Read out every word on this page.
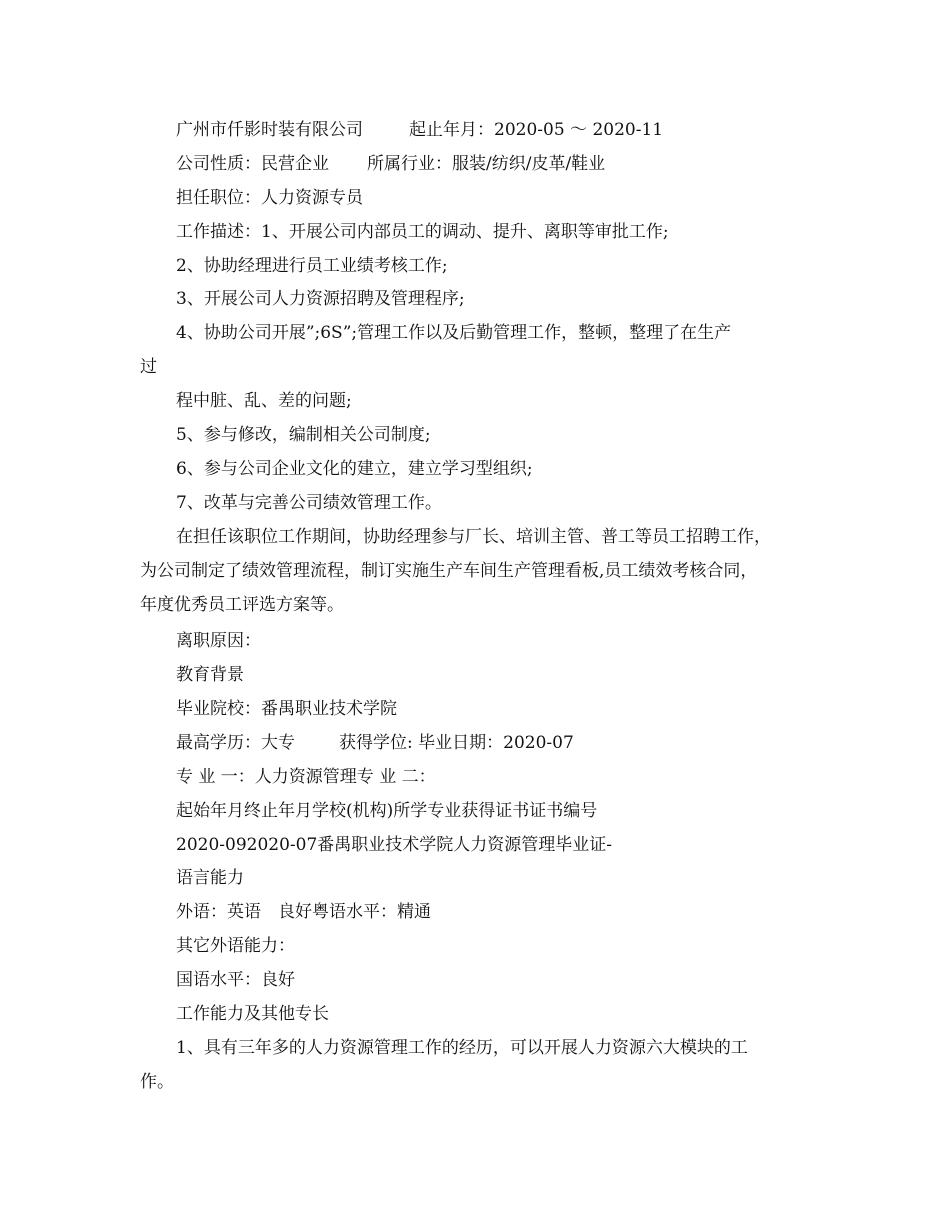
广州市仟影时装有限公司	起止年月：2020-05 ～ 2020-11
公司性质：民营企业 所属行业：服装/纺织/皮革/鞋业
担任职位：人力资源专员
工作描述：1、开展公司内部员工的调动、提升、离职等审批工作;
2、协助经理进行员工业绩考核工作;
3、开展公司人力资源招聘及管理程序;
4、协助公司开展”;6S”;管理工作以及后勤管理工作，整顿，整理了在生产
过
程中脏、乱、差的问题;
5、参与修改，编制相关公司制度;
6、参与公司企业文化的建立，建立学习型组织;
7、改革与完善公司绩效管理工作。
在担任该职位工作期间，协助经理参与厂长、培训主管、普工等员工招聘工作，
为公司制定了绩效管理流程，制订实施生产车间生产管理看板,员工绩效考核合同，
年度优秀员工评选方案等。
离职原因：
教育背景
毕业院校：番禺职业技术学院
最高学历：大专	获得学位: 毕业日期：2020-07
专 业 一：人力资源管理专 业 二：
起始年月终止年月学校(机构)所学专业获得证书证书编号
2020-092020-07番禺职业技术学院人力资源管理毕业证-
语言能力
外语：英语　良好粤语水平：精通
其它外语能力：
国语水平：良好
工作能力及其他专长
1、具有三年多的人力资源管理工作的经历，可以开展人力资源六大模块的工
作。
